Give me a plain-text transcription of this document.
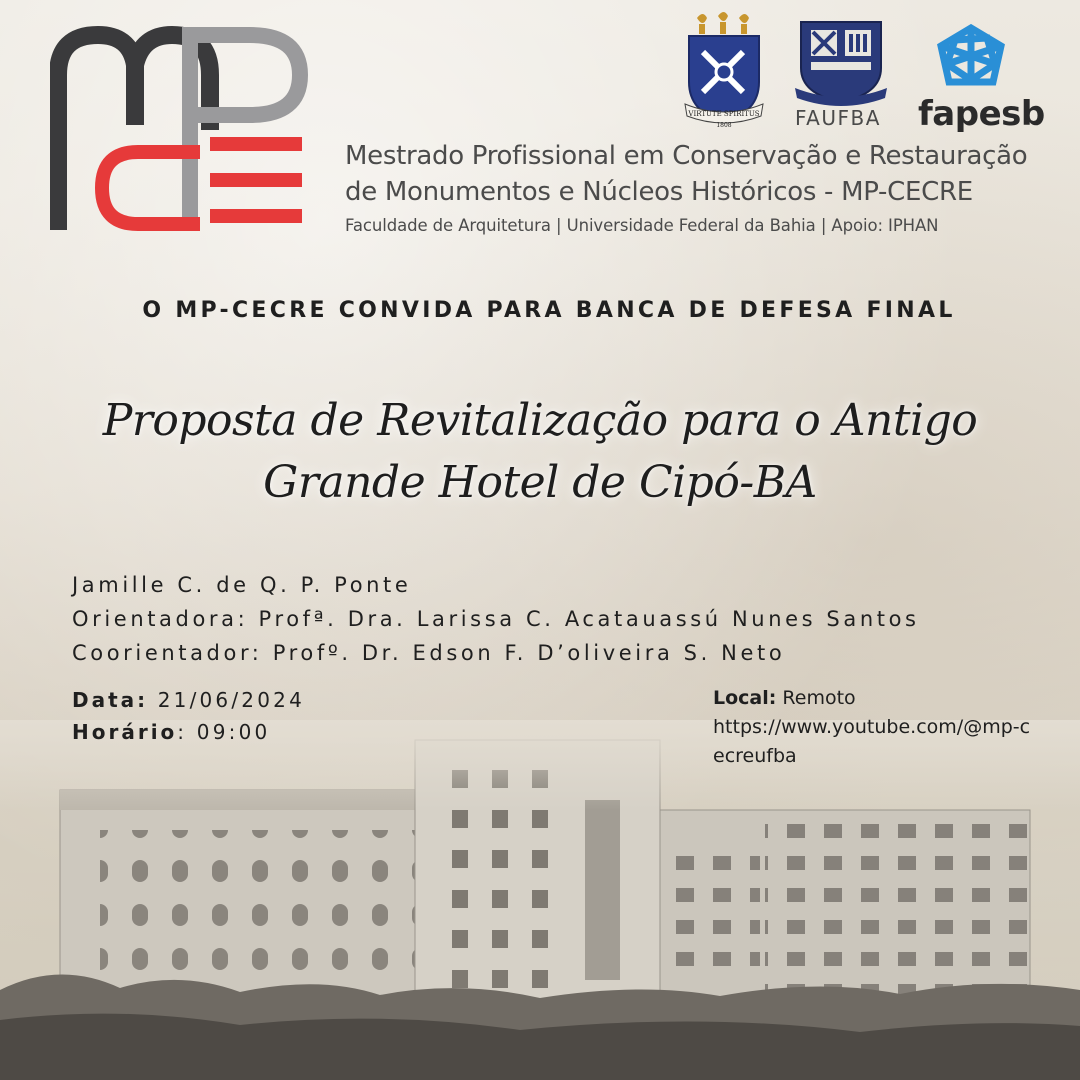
VIRTUTE SPIRITUS
1808	FAUFBA fapesb
Mestrado Profissional em Conservação e Restauração
de Monumentos e Núcleos Históricos - MP-CECRE
Faculdade de Arquitetura | Universidade Federal da Bahia | Apoio: IPHAN
O MP-CECRE CONVIDA PARA BANCA DE DEFESA FINAL
Proposta de Revitalização para o Antigo
Grande Hotel de Cipó-BA
Jamille C. de Q. P. Ponte
Orientadora: Profª. Dra. Larissa C. Acatauassú Nunes Santos
Coorientador: Profº. Dr. Edson F. D’oliveira S. Neto
Data: 21/06/2024
Horário: 09:00
Local: Remoto
https://www.youtube.com/@mp-cecreufba
